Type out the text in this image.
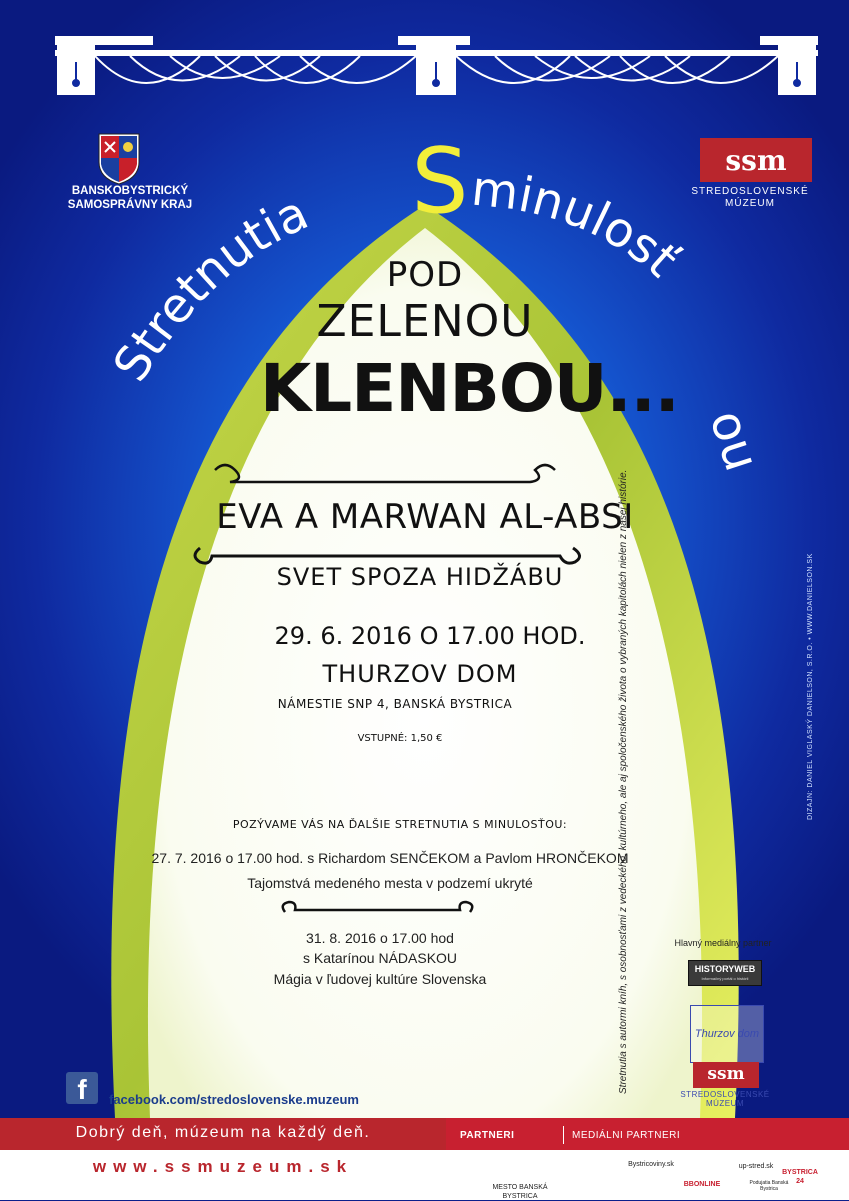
ssm
Stretnutia S minulosť
ou
BANSKOBYSTRICKÝ
SAMOSPRÁVNY KRAJ
STREDOSLOVENSKÉ
MÚZEUM
POD
ZELENOU
KLENBOU...
EVA A MARWAN AL-ABSI
SVET SPOZA HIDŽÁBU
29. 6. 2016 O 17.00 HOD.
THURZOV DOM
NÁMESTIE SNP 4, BANSKÁ BYSTRICA
VSTUPNÉ: 1,50 €
POZÝVAME VÁS NA ĎALŠIE STRETNUTIA S MINULOSŤOU:
27. 7. 2016 o 17.00 hod. s Richardom SENČEKOM a Pavlom HRONČEKOM
Tajomstvá medeného mesta v podzemí ukryté
31. 8. 2016 o 17.00 hod
s Katarínou NÁDASKOU
Mágia v ľudovej kultúre Slovenska	Stretnutia s autormi kníh, s osobnosťami z vedeckého, kultúrneho, ale aj spoločenského života o vybraných kapitolách nielen z našej histórie.	DIZAJN: DANIEL VIGLASKÝ DANIELSON, S.R.O. • WWW.DANIELSON.SK
Hlavný mediálny partner
HISTORYWEB
Informačný portál o histórii
Thurzov dom
ssm
STREDOSLOVENSKÉ
MÚZEUM
f	facebook.com/stredoslovenske.muzeum
Dobrý deň, múzeum na každý deň.	PARTNERI	MEDIÁLNI PARTNERI
www.ssmuzeum.sk
MESTO BANSKÁ BYSTRICA
PRIEKOPNÍK
Bystricoviny.sk
kam do mesta
BBONLINE
up-stred.sk
BYSTRICA 24
Podujatia Banská Bystrica
